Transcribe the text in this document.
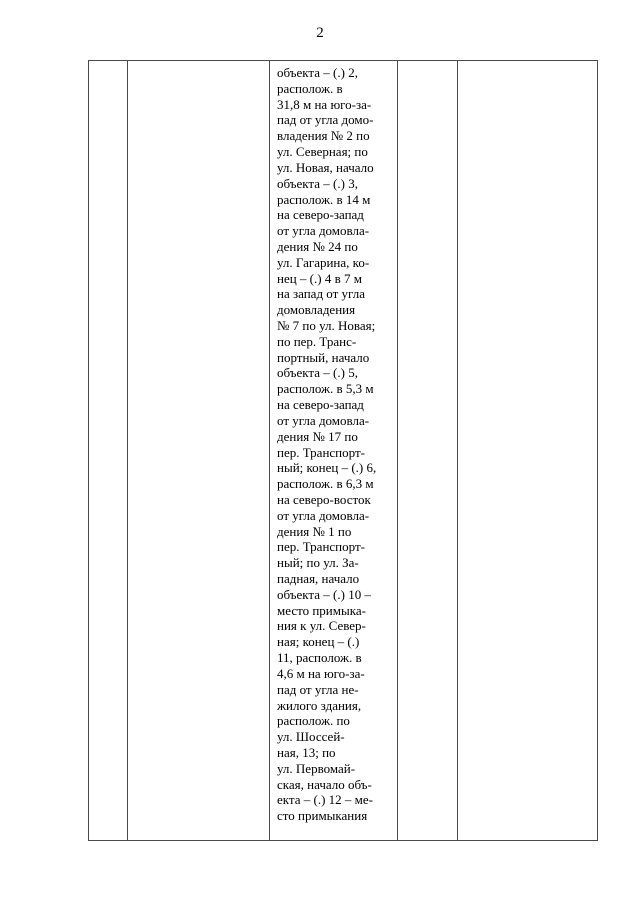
2
объекта – (.) 2,
располож. в
31,8 м на юго-за-
пад от угла домо-
владения № 2 по
ул. Северная; по
ул. Новая, начало
объекта – (.) 3,
располож. в 14 м
на северо-запад
от угла домовла-
дения № 24 по
ул. Гагарина, ко-
нец – (.) 4 в 7 м
на запад от угла
домовладения
№ 7 по ул. Новая;
по пер. Транс-
портный, начало
объекта – (.) 5,
располож. в 5,3 м
на северо-запад
от угла домовла-
дения № 17 по
пер. Транспорт-
ный; конец – (.) 6,
располож. в 6,3 м
на северо-восток
от угла домовла-
дения № 1 по
пер. Транспорт-
ный; по ул. За-
падная, начало
объекта – (.) 10 –
место примыка-
ния к ул. Север-
ная; конец – (.)
11, располож. в
4,6 м на юго-за-
пад от угла не-
жилого здания,
располож. по
ул. Шоссей-
ная, 13; по
ул. Первомай-
ская, начало объ-
екта – (.) 12 – ме-
сто примыкания
